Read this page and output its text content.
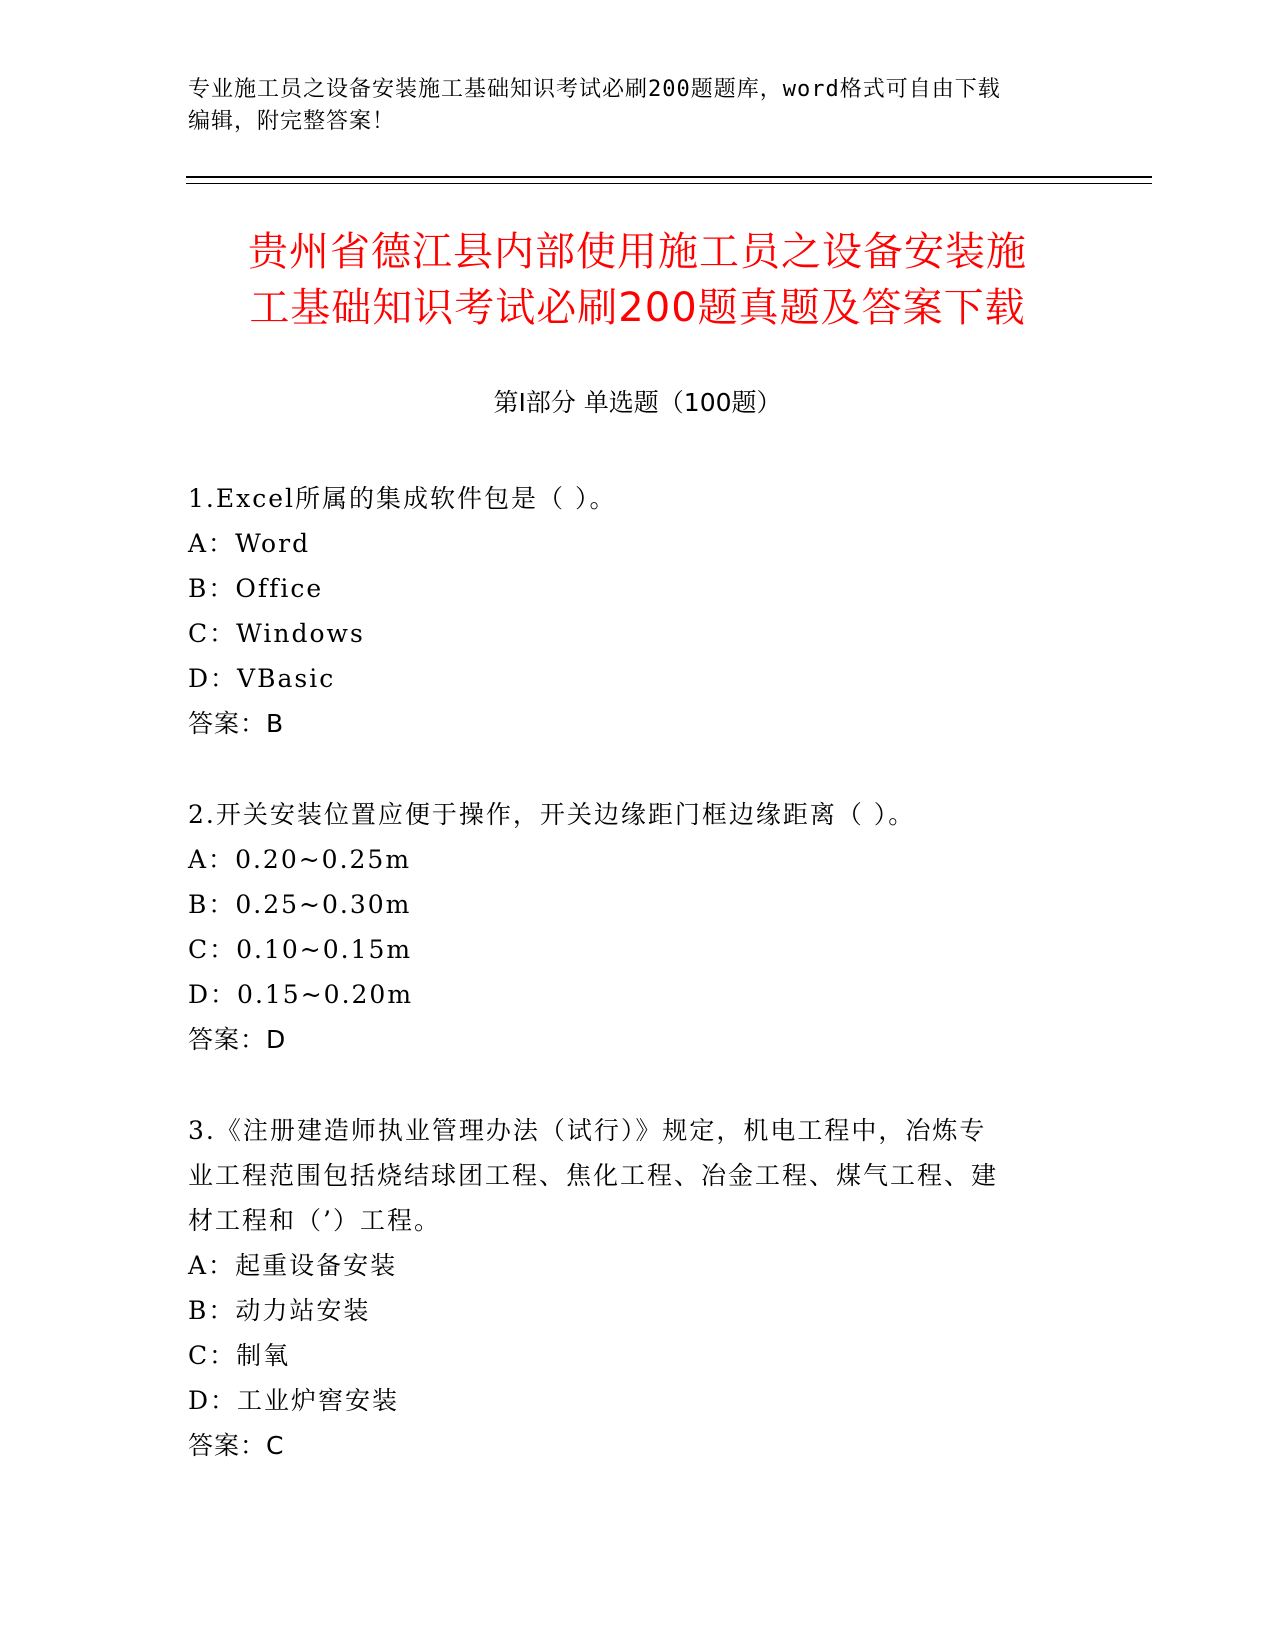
专业施工员之设备安装施工基础知识考试必刷200题题库，word格式可自由下载
编辑，附完整答案！
贵州省德江县内部使用施工员之设备安装施
工基础知识考试必刷200题真题及答案下载
第Ⅰ部分 单选题（100题）
1.Excel所属的集成软件包是（ ）。
A：Word
B：Office
C：Windows
D：VBasic
答案：B
2.开关安装位置应便于操作，开关边缘距门框边缘距离（ ）。
A：0.20~0.25m
B：0.25~0.30m
C：0.10~0.15m
D：0.15~0.20m
答案：D
3.《注册建造师执业管理办法（试行）》规定，机电工程中，冶炼专
业工程范围包括烧结球团工程、焦化工程、冶金工程、煤气工程、建
材工程和（’）工程。
A：起重设备安装
B：动力站安装
C：制氧
D：工业炉窖安装
答案：C
